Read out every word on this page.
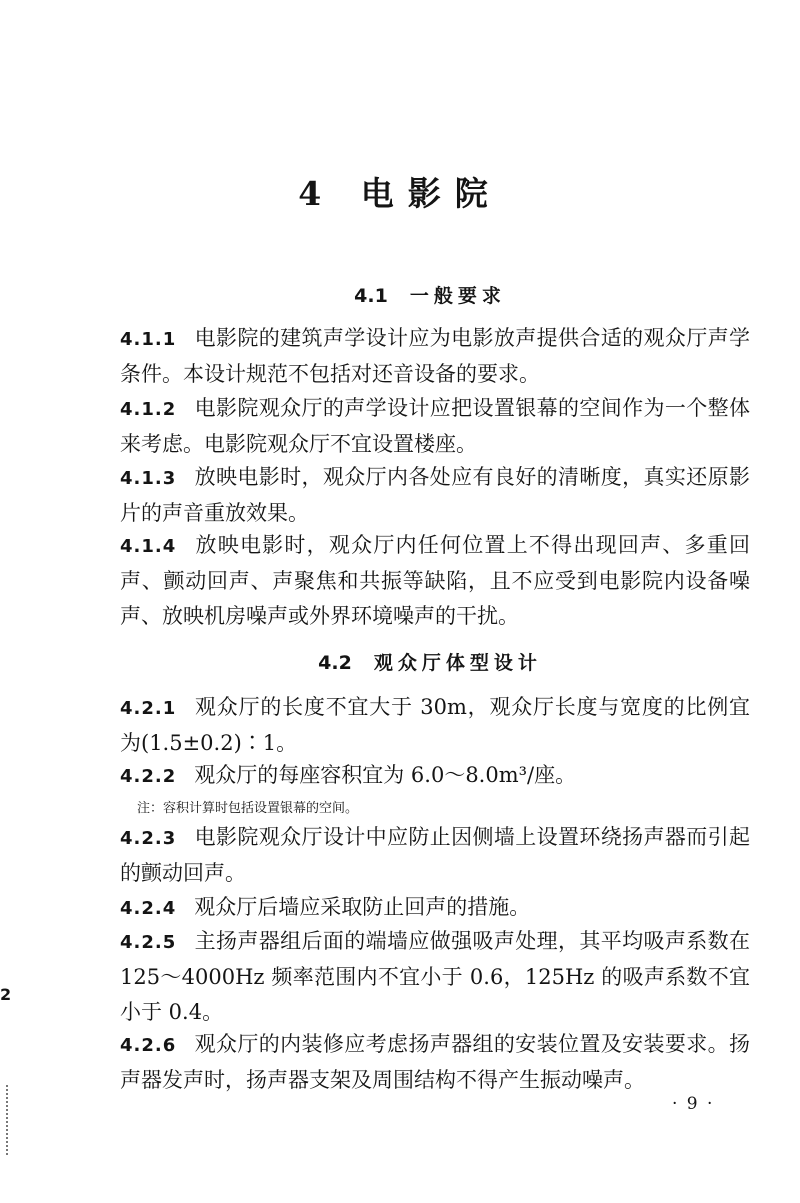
4 电影院
4.1 一般要求
4.1.1 电影院的建筑声学设计应为电影放声提供合适的观众厅声学条件。本设计规范不包括对还音设备的要求。
4.1.2 电影院观众厅的声学设计应把设置银幕的空间作为一个整体来考虑。电影院观众厅不宜设置楼座。
4.1.3 放映电影时，观众厅内各处应有良好的清晰度，真实还原影片的声音重放效果。
4.1.4 放映电影时，观众厅内任何位置上不得出现回声、多重回声、颤动回声、声聚焦和共振等缺陷，且不应受到电影院内设备噪声、放映机房噪声或外界环境噪声的干扰。
4.2 观众厅体型设计
4.2.1 观众厅的长度不宜大于 30m，观众厅长度与宽度的比例宜为(1.5±0.2)∶1。
4.2.2 观众厅的每座容积宜为 6.0～8.0m³/座。
注：容积计算时包括设置银幕的空间。
4.2.3 电影院观众厅设计中应防止因侧墙上设置环绕扬声器而引起的颤动回声。
4.2.4 观众厅后墙应采取防止回声的措施。
4.2.5 主扬声器组后面的端墙应做强吸声处理，其平均吸声系数在 125～4000Hz 频率范围内不宜小于 0.6，125Hz 的吸声系数不宜小于 0.4。
4.2.6 观众厅的内装修应考虑扬声器组的安装位置及安装要求。扬声器发声时，扬声器支架及周围结构不得产生振动噪声。
· 9 ·
2
